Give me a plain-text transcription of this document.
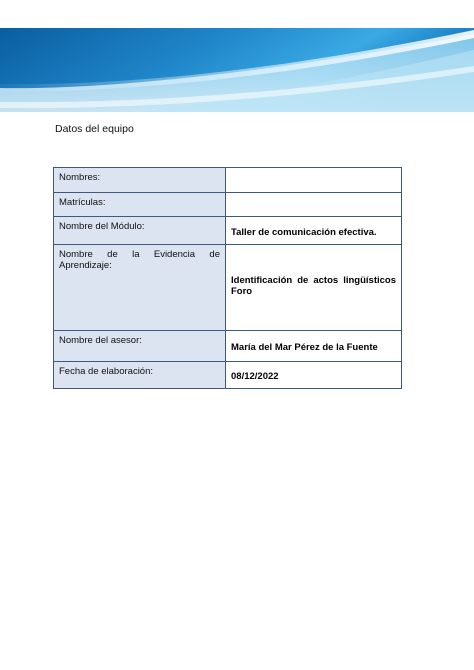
Datos del equipo
Nombres:	
Matrículas:	
Nombre del Módulo:	Taller de comunicación efectiva.

Nombre de la Evidencia de
Aprendizaje:	Identificación de actos lingüísticos
Foro

Nombre del asesor:	María del Mar Pérez de la Fuente
Fecha de elaboración:	08/12/2022
